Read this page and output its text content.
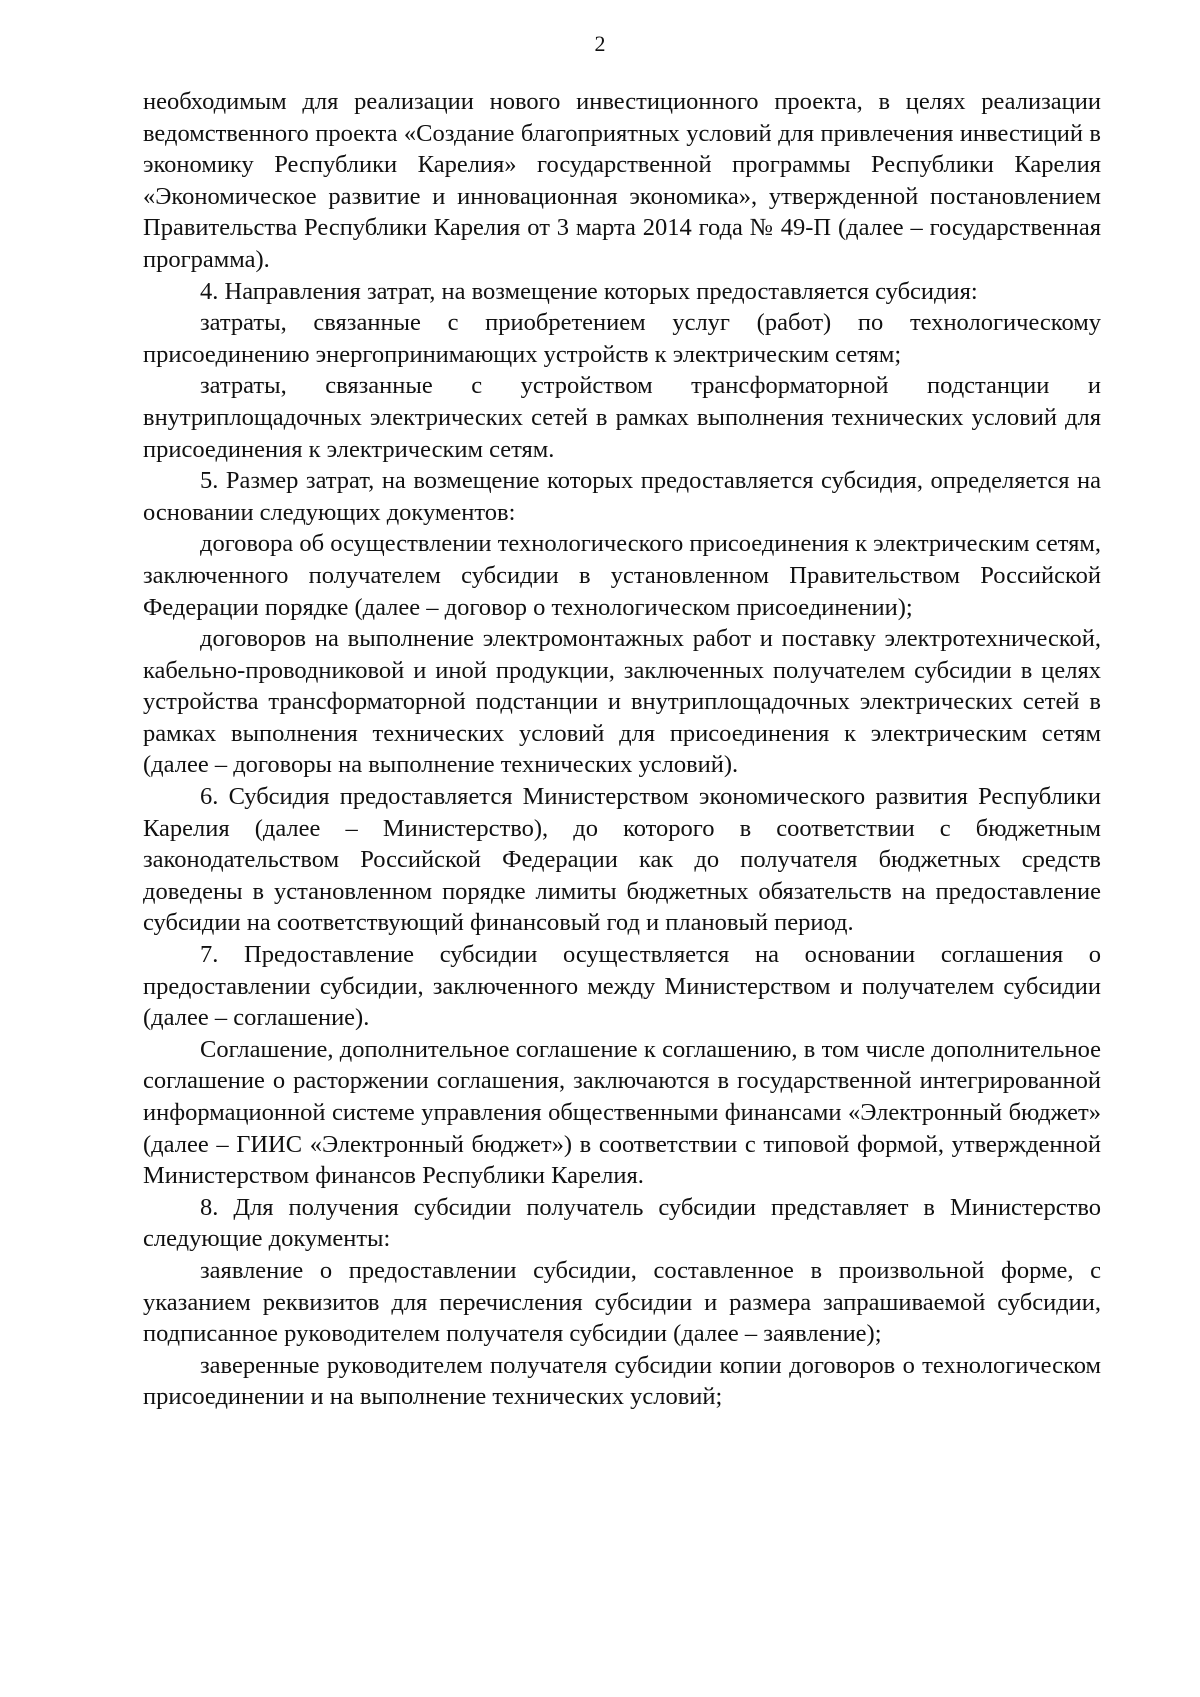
2

необходимым для реализации нового инвестиционного проекта, в целях реализации ведомственного проекта «Создание благоприятных условий для привлечения инвестиций в экономику Республики Карелия» государственной программы Республики Карелия «Экономическое развитие и инновационная экономика», утвержденной постановлением Правительства Республики Карелия от 3 марта 2014 года № 49-П (далее – государственная программа).

4. Направления затрат, на возмещение которых предоставляется субсидия:

затраты, связанные с приобретением услуг (работ) по технологическому присоединению энергопринимающих устройств к электрическим сетям;

затраты, связанные с устройством трансформаторной подстанции и внутриплощадочных электрических сетей в рамках выполнения технических условий для присоединения к электрическим сетям.

5. Размер затрат, на возмещение которых предоставляется субсидия, определяется на основании следующих документов:

договора об осуществлении технологического присоединения к электрическим сетям, заключенного получателем субсидии в установленном Правительством Российской Федерации порядке (далее – договор о технологическом присоединении);

договоров на выполнение электромонтажных работ и поставку электротехнической, кабельно-проводниковой и иной продукции, заключенных получателем субсидии в целях устройства трансформаторной подстанции и внутриплощадочных электрических сетей в рамках выполнения технических условий для присоединения к электрическим сетям (далее – договоры на выполнение технических условий).

6. Субсидия предоставляется Министерством экономического развития Республики Карелия (далее – Министерство), до которого в соответствии с бюджетным законодательством Российской Федерации как до получателя бюджетных средств доведены в установленном порядке лимиты бюджетных обязательств на предоставление субсидии на соответствующий финансовый год и плановый период.

7. Предоставление субсидии осуществляется на основании соглашения о предоставлении субсидии, заключенного между Министерством и получателем субсидии (далее – соглашение).

Соглашение, дополнительное соглашение к соглашению, в том числе дополнительное соглашение о расторжении соглашения, заключаются в государственной интегрированной информационной системе управления общественными финансами «Электронный бюджет» (далее – ГИИС «Электронный бюджет») в соответствии с типовой формой, утвержденной Министерством финансов Республики Карелия.

8. Для получения субсидии получатель субсидии представляет в Министерство следующие документы:

заявление о предоставлении субсидии, составленное в произвольной форме, с указанием реквизитов для перечисления субсидии и размера запрашиваемой субсидии, подписанное руководителем получателя субсидии (далее – заявление);

заверенные руководителем получателя субсидии копии договоров о технологическом присоединении и на выполнение технических условий;
